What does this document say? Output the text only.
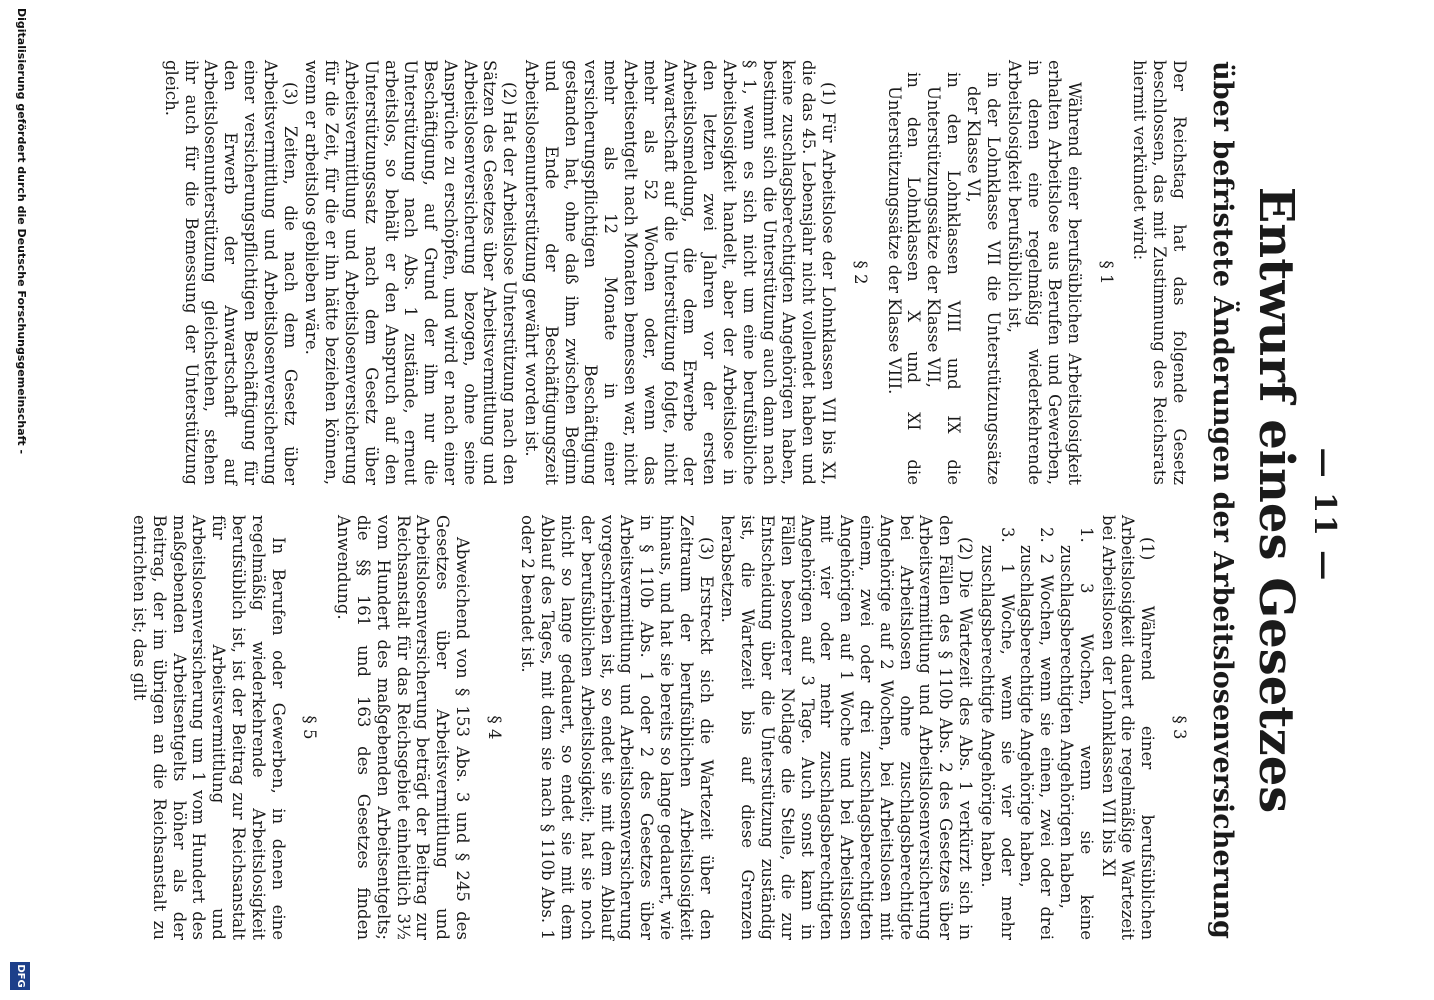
— 11 —
Entwurf eines Gesetzes
über befristete Änderungen der Arbeitslosenversicherung

Der Reichstag hat das folgende Gesetz beschlossen, das mit Zustimmung des Reichsrats hiermit verkündet wird:

§ 1

Während einer berufsüblichen Arbeitslosigkeit erhalten Arbeitslose aus Berufen und Gewerben, in denen eine regelmäßig wiederkehrende Arbeitslosigkeit berufsüblich ist,

in der Lohnklasse VII die Unterstützungssätze der Klasse VI,
in den Lohnklassen VIII und IX die Unterstützungssätze der Klasse VII,
in den Lohnklassen X und XI die Unterstützungssätze der Klasse VIII.
§ 2

(1) Für Arbeitslose der Lohnklassen VII bis XI, die das 45. Lebensjahr nicht vollendet haben und keine zuschlagsberechtigten Angehörigen haben, bestimmt sich die Unterstützung auch dann nach § 1, wenn es sich nicht um eine berufsübliche Arbeitslosigkeit handelt, aber der Arbeitslose in den letzten zwei Jahren vor der ersten Arbeitslosmeldung, die dem Erwerbe der Anwartschaft auf die Unterstützung folgte, nicht mehr als 52 Wochen oder, wenn das Arbeitsentgelt nach Monaten bemessen war, nicht mehr als 12 Monate in einer versicherungspflichtigen Beschäftigung gestanden hat, ohne daß ihm zwischen Beginn und Ende der Beschäftigungszeit Arbeitslosenunterstützung gewährt worden ist.

(2) Hat der Arbeitslose Unterstützung nach den Sätzen des Gesetzes über Arbeitsvermittlung und Arbeitslosenversicherung bezogen, ohne seine Ansprüche zu erschöpfen, und wird er nach einer Beschäftigung, auf Grund der ihm nur die Unterstützung nach Abs. 1 zustände, erneut arbeitslos, so behält er den Anspruch auf den Unterstützungssatz nach dem Gesetz über Arbeitsvermittlung und Arbeitslosenversicherung für die Zeit, für die er ihn hätte beziehen können, wenn er arbeitslos geblieben wäre.

(3) Zeiten, die nach dem Gesetz über Arbeitsvermittlung und Arbeitslosenversicherung einer versicherungspflichtigen Beschäftigung für den Erwerb der Anwartschaft auf Arbeitslosenunterstützung gleichstehen, stehen ihr auch für die Bemessung der Unterstützung gleich.

§ 3

(1) Während einer berufsüblichen Arbeitslosigkeit dauert die regelmäßige Wartezeit bei Arbeitslosen der Lohnklassen VII bis XI

1. 3 Wochen, wenn sie keine zuschlagsberechtigten Angehörigen haben,
2. 2 Wochen, wenn sie einen, zwei oder drei zuschlagsberechtigte Angehörige haben,
3. 1 Woche, wenn sie vier oder mehr zuschlagsberechtigte Angehörige haben.

(2) Die Wartezeit des Abs. 1 verkürzt sich in den Fällen des § 110b Abs. 2 des Gesetzes über Arbeitsvermittlung und Arbeitslosenversicherung bei Arbeitslosen ohne zuschlagsberechtigte Angehörige auf 2 Wochen, bei Arbeitslosen mit einem, zwei oder drei zuschlagsberechtigten Angehörigen auf 1 Woche und bei Arbeitslosen mit vier oder mehr zuschlagsberechtigten Angehörigen auf 3 Tage. Auch sonst kann in Fällen besonderer Notlage die Stelle, die zur Entscheidung über die Unterstützung zuständig ist, die Wartezeit bis auf diese Grenzen herabsetzen.

(3) Erstreckt sich die Wartezeit über den Zeitraum der berufsüblichen Arbeitslosigkeit hinaus, und hat sie bereits so lange gedauert, wie in § 110b Abs. 1 oder 2 des Gesetzes über Arbeitsvermittlung und Arbeitslosenversicherung vorgeschrieben ist, so endet sie mit dem Ablauf der berufsüblichen Arbeitslosigkeit; hat sie noch nicht so lange gedauert, so endet sie mit dem Ablauf des Tages, mit dem sie nach § 110b Abs. 1 oder 2 beendet ist.

§ 4

Abweichend von § 153 Abs. 3 und § 245 des Gesetzes über Arbeitsvermittlung und Arbeitslosenversicherung beträgt der Beitrag zur Reichsanstalt für das Reichsgebiet einheitlich 3½ vom Hundert des maßgebenden Arbeitsentgelts; die §§ 161 und 163 des Gesetzes finden Anwendung.

§ 5

In Berufen oder Gewerben, in denen eine regelmäßig wiederkehrende Arbeitslosigkeit berufsüblich ist, ist der Beitrag zur Reichsanstalt für Arbeitsvermittlung und Arbeitslosenversicherung um 1 vom Hundert des maßgebenden Arbeitsentgelts höher als der Beitrag, der im übrigen an die Reichsanstalt zu entrichten ist; das gilt

Digitalisierung gefördert durch die Deutsche Forschungsgemeinschaft -
DFG
